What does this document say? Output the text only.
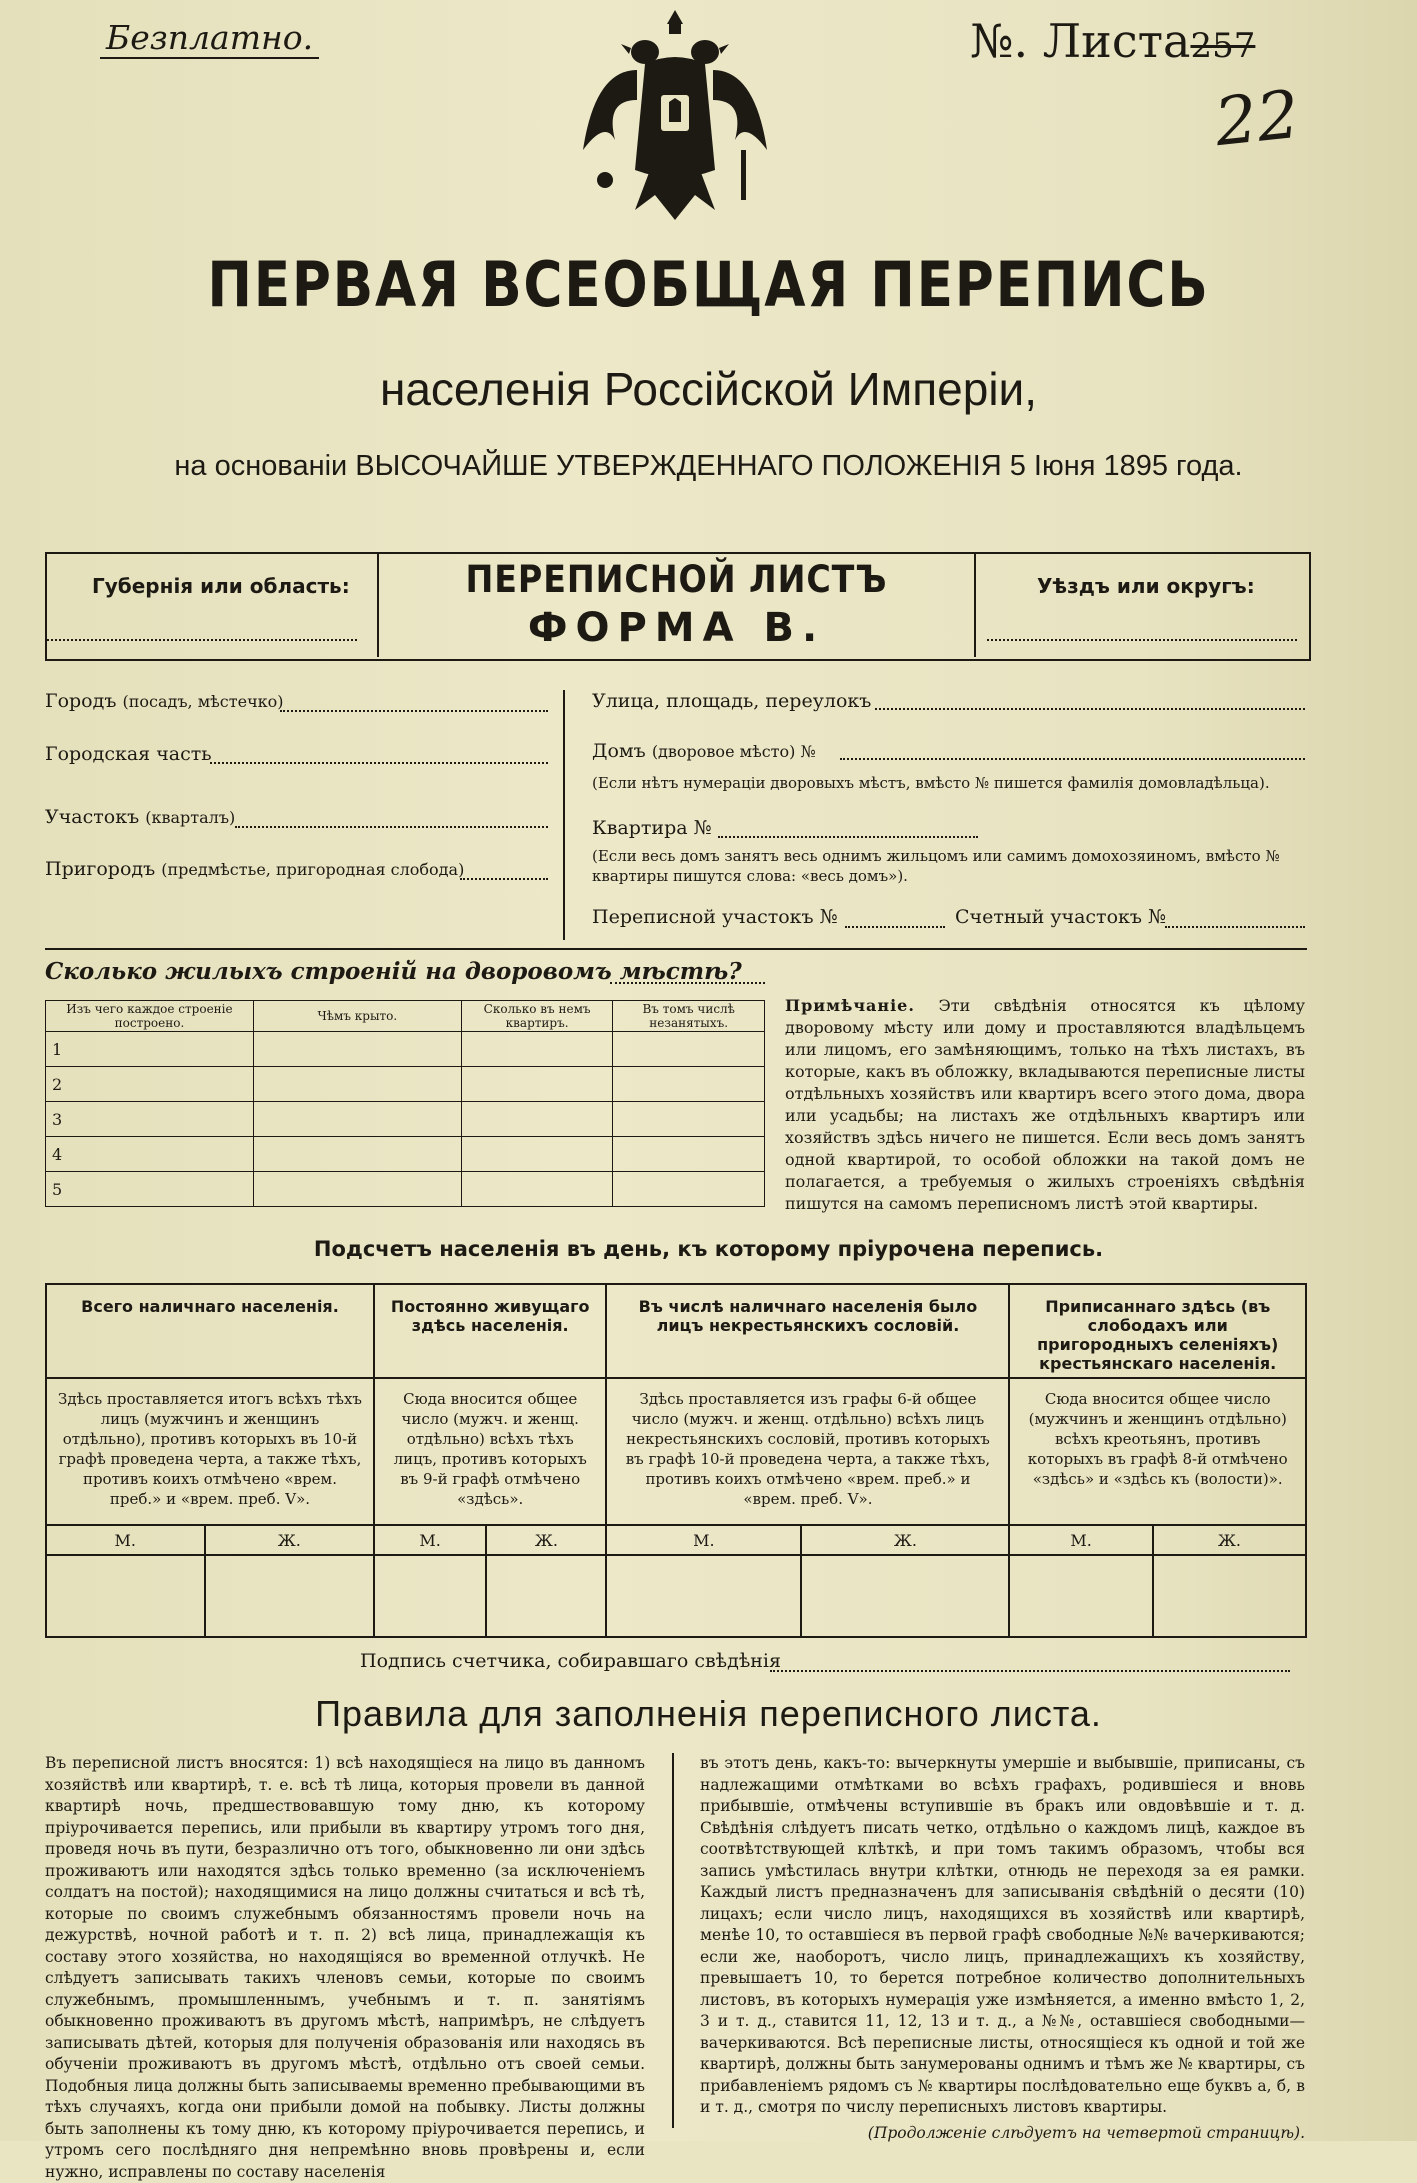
Безплатно.	№. Листа257
22
ПЕРВАЯ ВСЕОБЩАЯ ПЕРЕПИСЬ
населенія Россійской Имперіи,
на основаніи ВЫСОЧАЙШЕ УТВЕРЖДЕННАГО ПОЛОЖЕНІЯ 5 Іюня 1895 года.
Губернія или область:	ПЕРЕПИСНОЙ ЛИСТЪ
ФОРМА В.
Уѣздъ или округъ:
Городъ (посадъ, мѣстечко)
Городская часть
Участокъ (кварталъ)
Пригородъ (предмѣстье, пригородная слобода)
Улица, площадь, переулокъ
Домъ (дворовое мѣсто) №
(Если нѣтъ нумераціи дворовыхъ мѣстъ, вмѣсто № пишется фамилія домовладѣльца).
Квартира №
(Если весь домъ занятъ весь однимъ жильцомъ или самимъ домохозяиномъ, вмѣсто № квартиры пишутся слова: «весь домъ»).
Переписной участокъ №	Счетный участокъ №
Сколько жилыхъ строеній на дворовомъ мѣстѣ?
Изъ чего каждое строеніе построено.	Чѣмъ крыто.	Сколько въ немъ квартиръ.	Въ томъ числѣ незанятыхъ.
1			
2			
3			
4			
5			
Примѣчаніе. Эти свѣдѣнія относятся къ цѣлому дворовому мѣсту или дому и проставляются владѣльцемъ или лицомъ, его замѣняющимъ, только на тѣхъ листахъ, въ которые, какъ въ обложку, вкладываются переписные листы отдѣльныхъ хозяйствъ или квартиръ всего этого дома, двора или усадьбы; на листахъ же отдѣльныхъ квартиръ или хозяйствъ здѣсь ничего не пишется. Если весь домъ занятъ одной квартирой, то особой обложки на такой домъ не полагается, а требуемыя о жилыхъ строеніяхъ свѣдѣнія пишутся на самомъ переписномъ листѣ этой квартиры.
Подсчетъ населенія въ день, къ которому пріурочена перепись.
Всего наличнаго населенія.		Постоянно живущаго здѣсь населенія.		Въ числѣ наличнаго населенія было лицъ некрестьянскихъ сословій.		Приписаннаго здѣсь (въ слободахъ или пригородныхъ селеніяхъ) крестьянскаго населенія.	
Здѣсь проставляется итогъ всѣхъ тѣхъ лицъ (мужчинъ и женщинъ отдѣльно), противъ которыхъ въ 10-й графѣ проведена черта, а также тѣхъ, противъ коихъ отмѣчено «врем. преб.» и «врем. преб. V».		Сюда вносится общее число (мужч. и женщ. отдѣльно) всѣхъ тѣхъ лицъ, противъ которыхъ въ 9-й графѣ отмѣчено «здѣсь».		Здѣсь проставляется изъ графы 6-й общее число (мужч. и женщ. отдѣльно) всѣхъ лицъ некрестьянскихъ сословій, противъ которыхъ въ графѣ 10-й проведена черта, а также тѣхъ, противъ коихъ отмѣчено «врем. преб.» и «врем. преб. V».		Сюда вносится общее число (мужчинъ и женщинъ отдѣльно) всѣхъ креотьянъ, противъ которыхъ въ графѣ 8-й отмѣчено «здѣсь» и «здѣсь къ (волости)».	
М.	Ж.	М.	Ж.	М.	Ж.	М.	Ж.

Подпись счетчика, собиравшаго свѣдѣнія
Правила для заполненія переписного листа.
Въ переписной листъ вносятся: 1) всѣ находящіеся на лицо въ данномъ хозяйствѣ или квартирѣ, т. е. всѣ тѣ лица, которыя провели въ данной квартирѣ ночь, предшествовавшую тому дню, къ которому пріурочивается перепись, или прибыли въ квартиру утромъ того дня, проведя ночь въ пути, безразлично отъ того, обыкновенно ли они здѣсь проживаютъ или находятся здѣсь только временно (за исключеніемъ солдатъ на постой); находящимися на лицо должны считаться и всѣ тѣ, которые по своимъ служебнымъ обязанностямъ провели ночь на дежурствѣ, ночной работѣ и т. п. 2) всѣ лица, принадлежащія къ составу этого хозяйства, но находящіяся во временной отлучкѣ. Не слѣдуетъ записывать такихъ членовъ семьи, которые по своимъ служебнымъ, промышленнымъ, учебнымъ и т. п. занятіямъ обыкновенно проживаютъ въ другомъ мѣстѣ, напримѣръ, не слѣдуетъ записывать дѣтей, которыя для полученія образованія или находясь въ обученіи проживаютъ въ другомъ мѣстѣ, отдѣльно отъ своей семьи. Подобныя лица должны быть записываемы временно пребывающими въ тѣхъ случаяхъ, когда они прибыли домой на побывку. Листы должны быть заполнены къ тому дню, къ которому пріурочивается перепись, и утромъ сего послѣдняго дня непремѣнно вновь провѣрены и, если нужно, исправлены по составу населенія
въ этотъ день, какъ-то: вычеркнуты умершіе и выбывшіе, приписаны, съ надлежащими отмѣтками во всѣхъ графахъ, родившіеся и вновь прибывшіе, отмѣчены вступившіе въ бракъ или овдовѣвшіе и т. д. Свѣдѣнія слѣдуетъ писать четко, отдѣльно о каждомъ лицѣ, каждое въ соотвѣтствующей клѣткѣ, и при томъ такимъ образомъ, чтобы вся запись умѣстилась внутри клѣтки, отнюдь не переходя за ея рамки. Каждый листъ предназначенъ для записыванія свѣдѣній о десяти (10) лицахъ; если число лицъ, находящихся въ хозяйствѣ или квартирѣ, менѣе 10, то оставшіеся въ первой графѣ свободные №№ вачеркиваются; если же, наоборотъ, число лицъ, принадлежащихъ къ хозяйству, превышаетъ 10, то берется потребное количество дополнительныхъ листовъ, въ которыхъ нумерація уже измѣняется, а именно вмѣсто 1, 2, 3 и т. д., ставится 11, 12, 13 и т. д., а №№, оставшіеся свободными—вачеркиваются. Всѣ переписные листы, относящіеся къ одной и той же квартирѣ, должны быть занумерованы однимъ и тѣмъ же № квартиры, съ прибавленіемъ рядомъ съ № квартиры послѣдовательно еще буквъ а, б, в и т. д., смотря по числу переписныхъ листовъ квартиры.
(Продолженіе слѣдуетъ на четвертой страницѣ).
